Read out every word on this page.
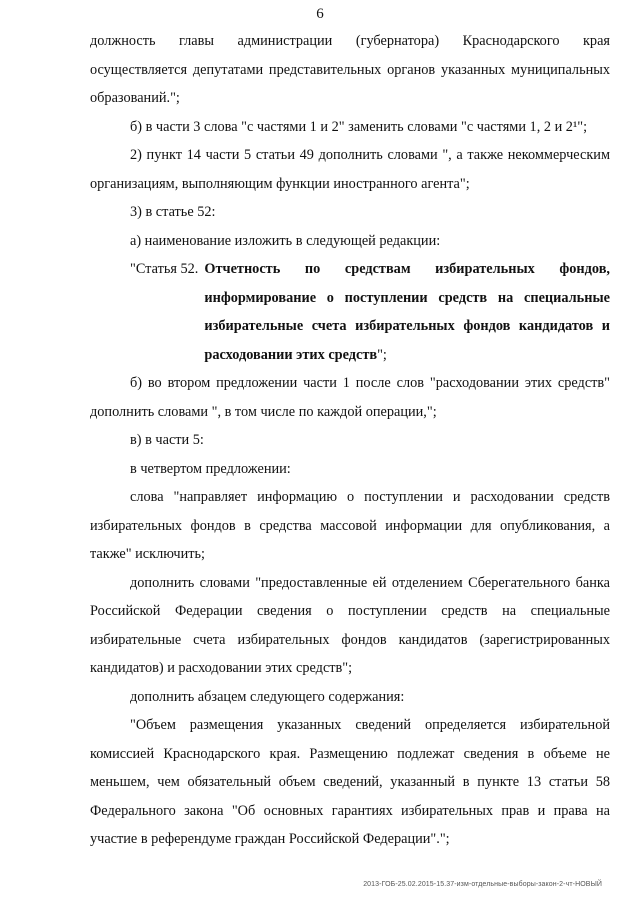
6

должность главы администрации (губернатора) Краснодарского края осуществляется депутатами представительных органов указанных муниципальных образований.";

б) в части 3 слова "с частями 1 и 2" заменить словами "с частями 1, 2 и 2¹";

2) пункт 14 части 5 статьи 49 дополнить словами ", а также некоммерческим организациям, выполняющим функции иностранного агента";

3) в статье 52:

а) наименование изложить в следующей редакции:

"Статья 52. Отчетность по средствам избирательных фондов, информирование о поступлении средств на специальные избирательные счета избирательных фондов кандидатов и расходовании этих средств";

б) во втором предложении части 1 после слов "расходовании этих средств" дополнить словами ", в том числе по каждой операции,";

в) в части 5:

в четвертом предложении:

слова "направляет информацию о поступлении и расходовании средств избирательных фондов в средства массовой информации для опубликования, а также" исключить;

дополнить словами "предоставленные ей отделением Сберегательного банка Российской Федерации сведения о поступлении средств на специальные избирательные счета избирательных фондов кандидатов (зарегистрированных кандидатов) и расходовании этих средств";

дополнить абзацем следующего содержания:

"Объем размещения указанных сведений определяется избирательной комиссией Краснодарского края. Размещению подлежат сведения в объеме не меньшем, чем обязательный объем сведений, указанный в пункте 13 статьи 58 Федерального закона "Об основных гарантиях избирательных прав и права на участие в референдуме граждан Российской Федерации".";

2013-ГОБ-25.02.2015-15.37-изм-отдельные-выборы-закон-2-чт-НОВЫЙ
